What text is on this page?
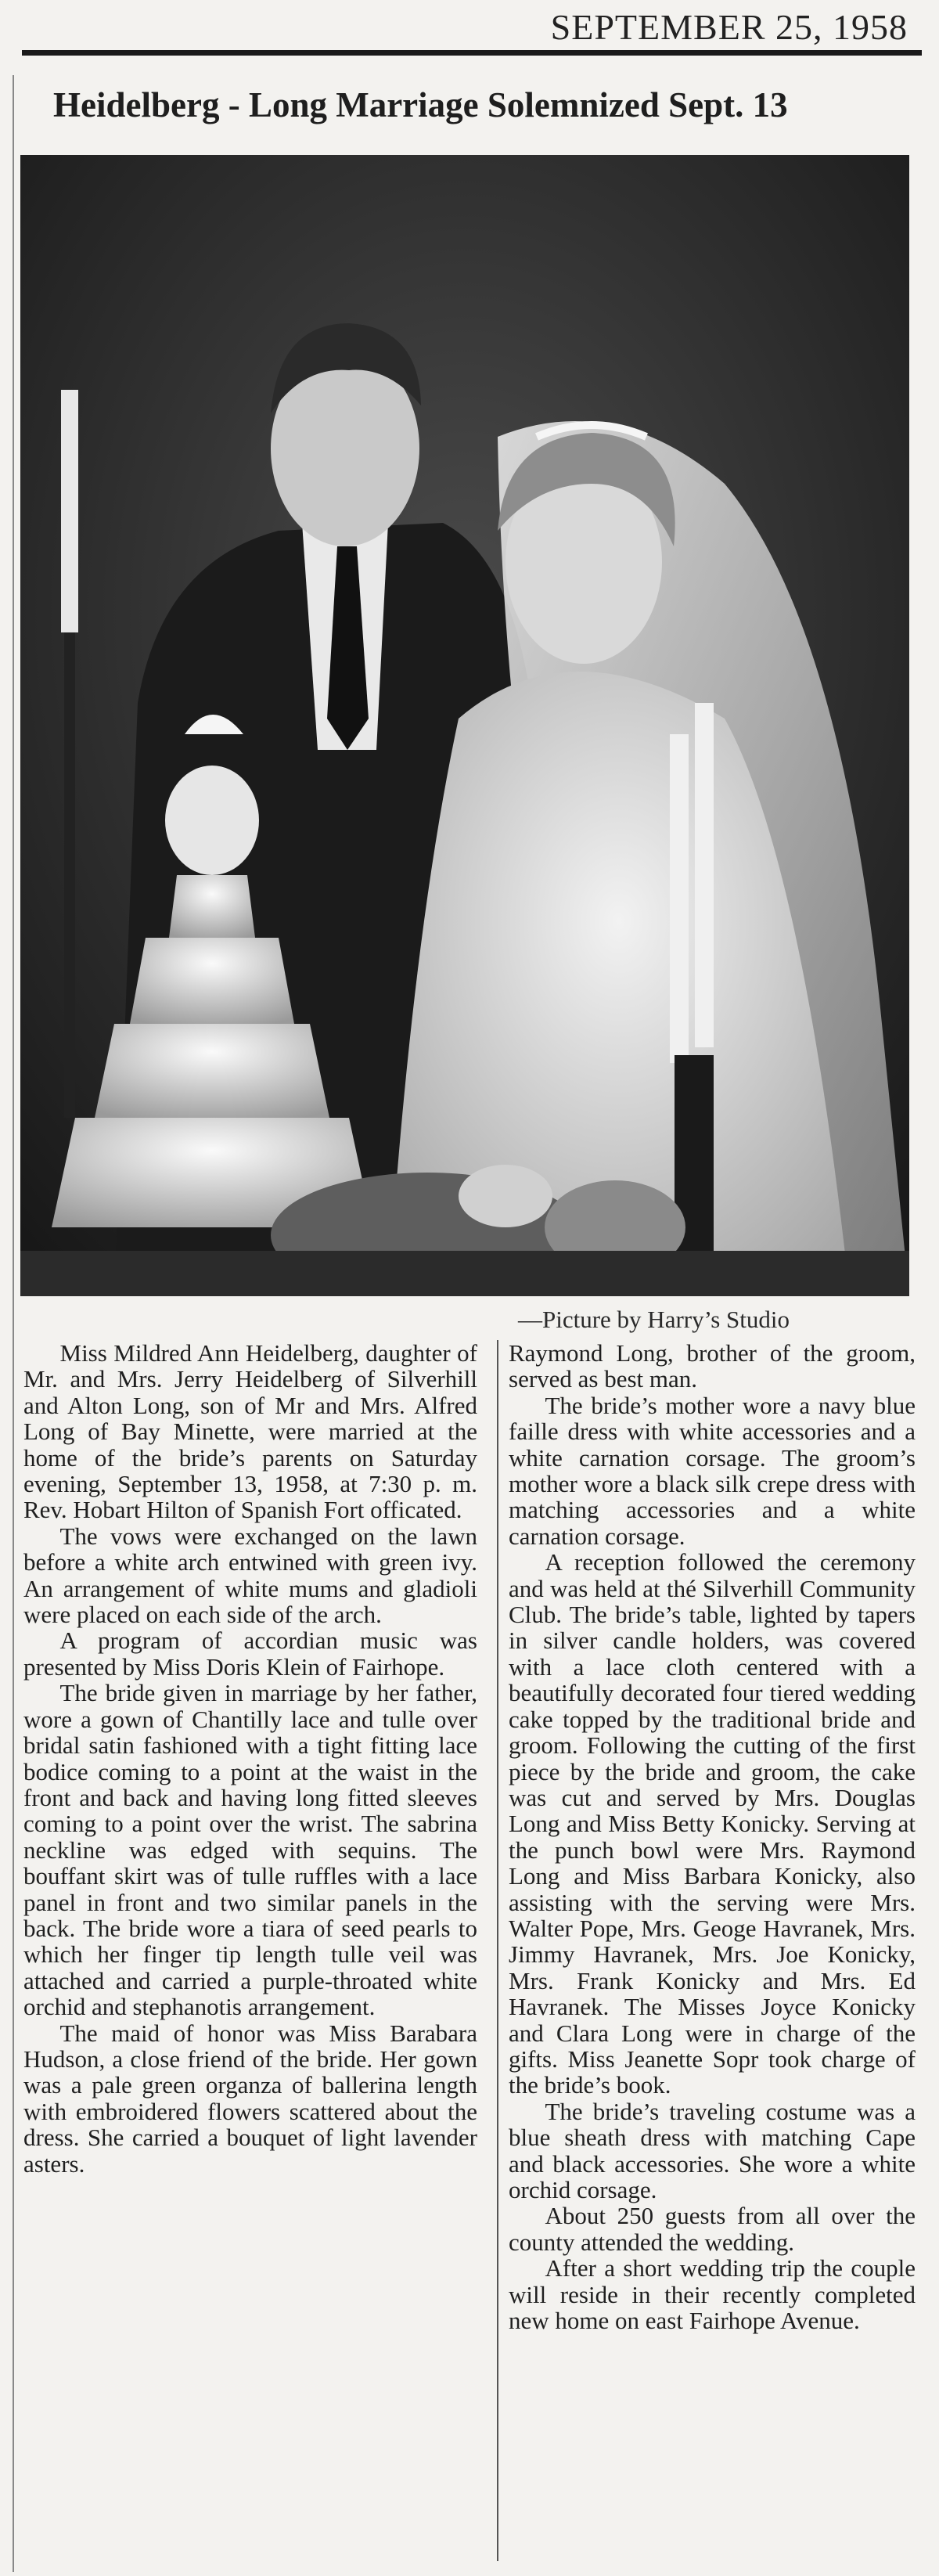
SEPTEMBER 25, 1958
Heidelberg - Long Marriage Solemnized Sept. 13
—Picture by Harry’s Studio

Miss Mildred Ann Heidelberg, daughter of Mr. and Mrs. Jerry Heidelberg of Silverhill and Alton Long, son of Mr and Mrs. Alfred Long of Bay Minette, were married at the home of the bride’s parents on Saturday evening, September 13, 1958, at 7:30 p. m. Rev. Hobart Hilton of Spanish Fort officated.

The vows were exchanged on the lawn before a white arch entwined with green ivy. An arrangement of white mums and gladioli were placed on each side of the arch.

A program of accordian music was presented by Miss Doris Klein of Fairhope.

The bride given in marriage by her father, wore a gown of Chantilly lace and tulle over bridal satin fashioned with a tight fitting lace bodice coming to a point at the waist in the front and back and having long fitted sleeves coming to a point over the wrist. The sabrina neckline was edged with sequins. The bouffant skirt was of tulle ruffles with a lace panel in front and two similar panels in the back. The bride wore a tiara of seed pearls to which her finger tip length tulle veil was attached and carried a purple-throated white orchid and stephanotis arrangement.

The maid of honor was Miss Barabara Hudson, a close friend of the bride. Her gown was a pale green organza of ballerina length with embroidered flowers scattered about the dress. She carried a bouquet of light lavender asters.

Raymond Long, brother of the groom, served as best man.

The bride’s mother wore a navy blue faille dress with white accessories and a white carnation corsage. The groom’s mother wore a black silk crepe dress with matching accessories and a white carnation corsage.

A reception followed the ceremony and was held at thé Silverhill Community Club. The bride’s table, lighted by tapers in silver candle holders, was covered with a lace cloth centered with a beautifully decorated four tiered wedding cake topped by the traditional bride and groom. Following the cutting of the first piece by the bride and groom, the cake was cut and served by Mrs. Douglas Long and Miss Betty Konicky. Serving at the punch bowl were Mrs. Raymond Long and Miss Barbara Konicky, also assisting with the serving were Mrs. Walter Pope, Mrs. Geoge Havranek, Mrs. Jimmy Havranek, Mrs. Joe Konicky, Mrs. Frank Konicky and Mrs. Ed Havranek. The Misses Joyce Konicky and Clara Long were in charge of the gifts. Miss Jeanette Sopr took charge of the bride’s book.

The bride’s traveling costume was a blue sheath dress with matching Cape and black accessories. She wore a white orchid corsage.

About 250 guests from all over the county attended the wedding.

After a short wedding trip the couple will reside in their recently completed new home on east Fairhope Avenue.
